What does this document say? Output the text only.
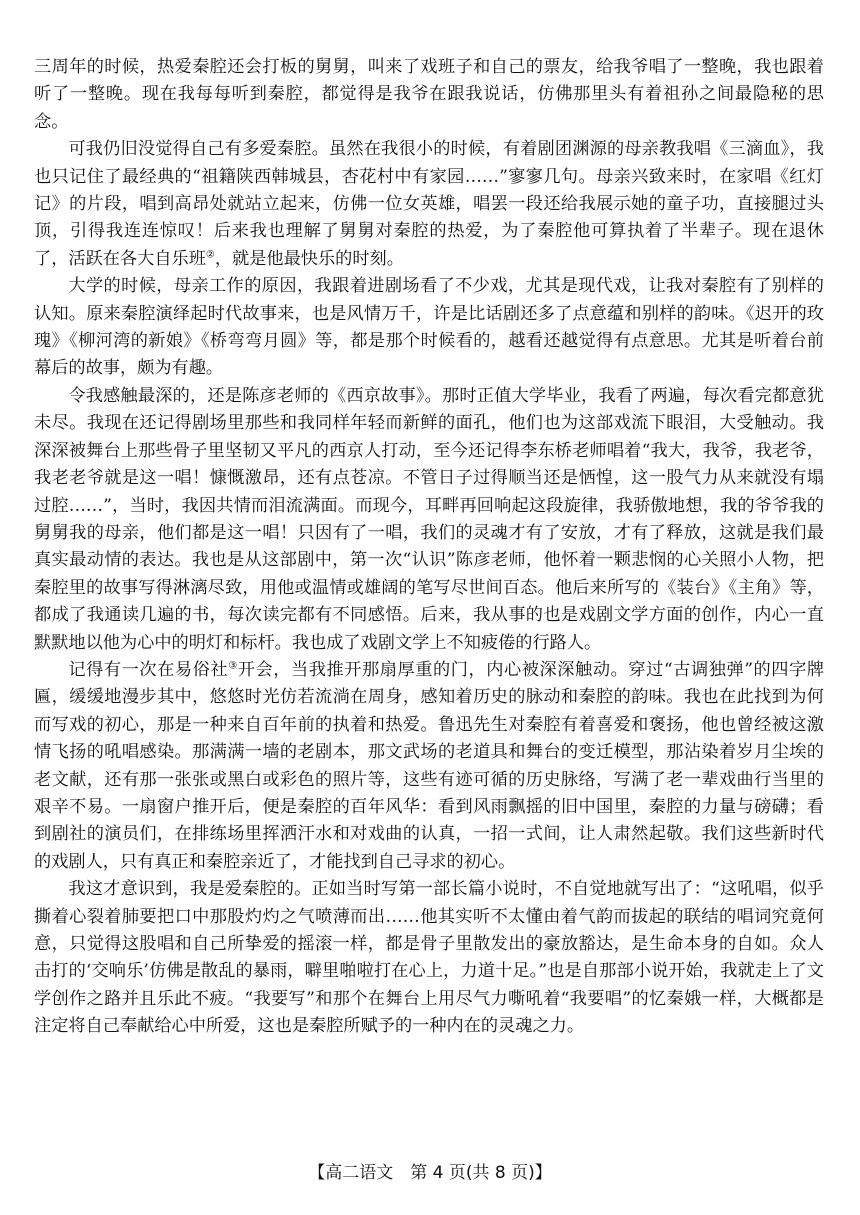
三周年的时候，热爱秦腔还会打板的舅舅，叫来了戏班子和自己的票友，给我爷唱了一整晚，我也跟着听了一整晚。现在我每每听到秦腔，都觉得是我爷在跟我说话，仿佛那里头有着祖孙之间最隐秘的思念。

可我仍旧没觉得自己有多爱秦腔。虽然在我很小的时候，有着剧团渊源的母亲教我唱《三滴血》，我也只记住了最经典的“祖籍陕西韩城县，杏花村中有家园……”寥寥几句。母亲兴致来时，在家唱《红灯记》的片段，唱到高昂处就站立起来，仿佛一位女英雄，唱罢一段还给我展示她的童子功，直接腿过头顶，引得我连连惊叹！后来我也理解了舅舅对秦腔的热爱，为了秦腔他可算执着了半辈子。现在退休了，活跃在各大自乐班②，就是他最快乐的时刻。

大学的时候，母亲工作的原因，我跟着进剧场看了不少戏，尤其是现代戏，让我对秦腔有了别样的认知。原来秦腔演绎起时代故事来，也是风情万千，许是比话剧还多了点意蕴和别样的韵味。《迟开的玫瑰》《柳河湾的新娘》《桥弯弯月圆》等，都是那个时候看的，越看还越觉得有点意思。尤其是听着台前幕后的故事，颇为有趣。

令我感触最深的，还是陈彦老师的《西京故事》。那时正值大学毕业，我看了两遍，每次看完都意犹未尽。我现在还记得剧场里那些和我同样年轻而新鲜的面孔，他们也为这部戏流下眼泪，大受触动。我深深被舞台上那些骨子里坚韧又平凡的西京人打动，至今还记得李东桥老师唱着“我大，我爷，我老爷，我老老爷就是这一唱！慷慨激昂，还有点苍凉。不管日子过得顺当还是恓惶，这一股气力从来就没有塌过腔……”，当时，我因共情而泪流满面。而现今，耳畔再回响起这段旋律，我骄傲地想，我的爷爷我的舅舅我的母亲，他们都是这一唱！只因有了一唱，我们的灵魂才有了安放，才有了释放，这就是我们最真实最动情的表达。我也是从这部剧中，第一次“认识”陈彦老师，他怀着一颗悲悯的心关照小人物，把秦腔里的故事写得淋漓尽致，用他或温情或雄阔的笔写尽世间百态。他后来所写的《装台》《主角》等，都成了我通读几遍的书，每次读完都有不同感悟。后来，我从事的也是戏剧文学方面的创作，内心一直默默地以他为心中的明灯和标杆。我也成了戏剧文学上不知疲倦的行路人。

记得有一次在易俗社③开会，当我推开那扇厚重的门，内心被深深触动。穿过“古调独弹”的四字牌匾，缓缓地漫步其中，悠悠时光仿若流淌在周身，感知着历史的脉动和秦腔的韵味。我也在此找到为何而写戏的初心，那是一种来自百年前的执着和热爱。鲁迅先生对秦腔有着喜爱和褒扬，他也曾经被这激情飞扬的吼唱感染。那满满一墙的老剧本，那文武场的老道具和舞台的变迁模型，那沾染着岁月尘埃的老文献，还有那一张张或黑白或彩色的照片等，这些有迹可循的历史脉络，写满了老一辈戏曲行当里的艰辛不易。一扇窗户推开后，便是秦腔的百年风华：看到风雨飘摇的旧中国里，秦腔的力量与磅礴；看到剧社的演员们，在排练场里挥洒汗水和对戏曲的认真，一招一式间，让人肃然起敬。我们这些新时代的戏剧人，只有真正和秦腔亲近了，才能找到自己寻求的初心。

我这才意识到，我是爱秦腔的。正如当时写第一部长篇小说时，不自觉地就写出了：“这吼唱，似乎撕着心裂着肺要把口中那股灼灼之气喷薄而出……他其实听不太懂由着气韵而拔起的联结的唱词究竟何意，只觉得这股唱和自己所挚爱的摇滚一样，都是骨子里散发出的豪放豁达，是生命本身的自如。众人击打的‘交响乐’仿佛是散乱的暴雨，噼里啪啦打在心上，力道十足。”也是自那部小说开始，我就走上了文学创作之路并且乐此不疲。“我要写”和那个在舞台上用尽气力嘶吼着“我要唱”的忆秦娥一样，大概都是注定将自己奉献给心中所爱，这也是秦腔所赋予的一种内在的灵魂之力。

【高二语文　第 4 页(共 8 页)】
